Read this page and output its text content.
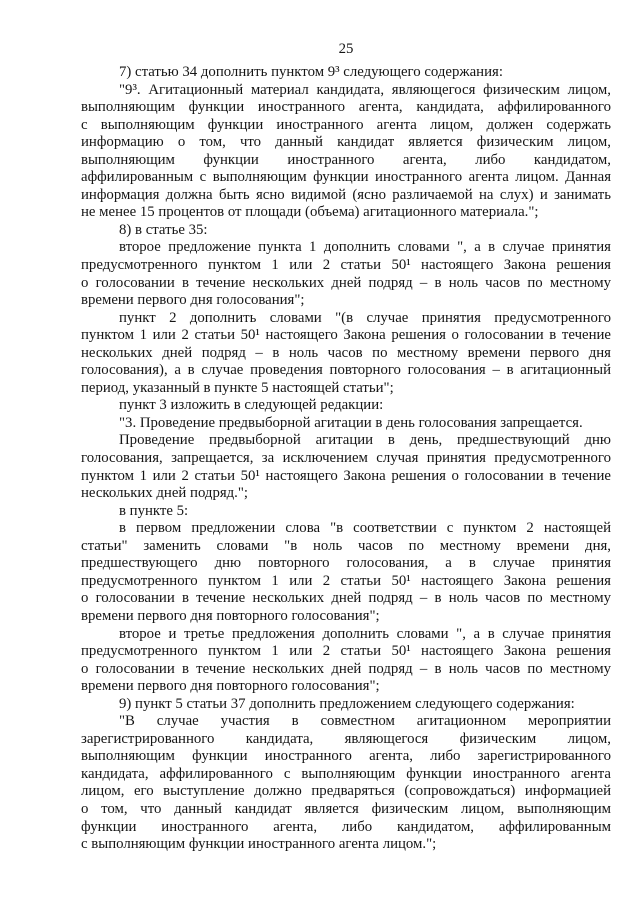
25
7) статью 34 дополнить пунктом 9³ следующего содержания:
"9³. Агитационный материал кандидата, являющегося физическим лицом,
выполняющим функции иностранного агента, кандидата, аффилированного
с выполняющим функции иностранного агента лицом, должен содержать
информацию о том, что данный кандидат является физическим лицом,
выполняющим функции иностранного агента, либо кандидатом,
аффилированным с выполняющим функции иностранного агента лицом. Данная
информация должна быть ясно видимой (ясно различаемой на слух) и занимать
не менее 15 процентов от площади (объема) агитационного материала.";
8) в статье 35:
второе предложение пункта 1 дополнить словами ", а в случае принятия
предусмотренного пунктом 1 или 2 статьи 50¹ настоящего Закона решения
о голосовании в течение нескольких дней подряд – в ноль часов по местному
времени первого дня голосования";
пункт 2 дополнить словами "(в случае принятия предусмотренного
пунктом 1 или 2 статьи 50¹ настоящего Закона решения о голосовании в течение
нескольких дней подряд – в ноль часов по местному времени первого дня
голосования), а в случае проведения повторного голосования – в агитационный
период, указанный в пункте 5 настоящей статьи";
пункт 3 изложить в следующей редакции:
"3. Проведение предвыборной агитации в день голосования запрещается.
Проведение предвыборной агитации в день, предшествующий дню
голосования, запрещается, за исключением случая принятия предусмотренного
пунктом 1 или 2 статьи 50¹ настоящего Закона решения о голосовании в течение
нескольких дней подряд.";
в пункте 5:
в первом предложении слова "в соответствии с пунктом 2 настоящей
статьи" заменить словами "в ноль часов по местному времени дня,
предшествующего дню повторного голосования, а в случае принятия
предусмотренного пунктом 1 или 2 статьи 50¹ настоящего Закона решения
о голосовании в течение нескольких дней подряд – в ноль часов по местному
времени первого дня повторного голосования";
второе и третье предложения дополнить словами ", а в случае принятия
предусмотренного пунктом 1 или 2 статьи 50¹ настоящего Закона решения
о голосовании в течение нескольких дней подряд – в ноль часов по местному
времени первого дня повторного голосования";
9) пункт 5 статьи 37 дополнить предложением следующего содержания:
"В случае участия в совместном агитационном мероприятии
зарегистрированного кандидата, являющегося физическим лицом,
выполняющим функции иностранного агента, либо зарегистрированного
кандидата, аффилированного с выполняющим функции иностранного агента
лицом, его выступление должно предваряться (сопровождаться) информацией
о том, что данный кандидат является физическим лицом, выполняющим
функции иностранного агента, либо кандидатом, аффилированным
с выполняющим функции иностранного агента лицом.";
